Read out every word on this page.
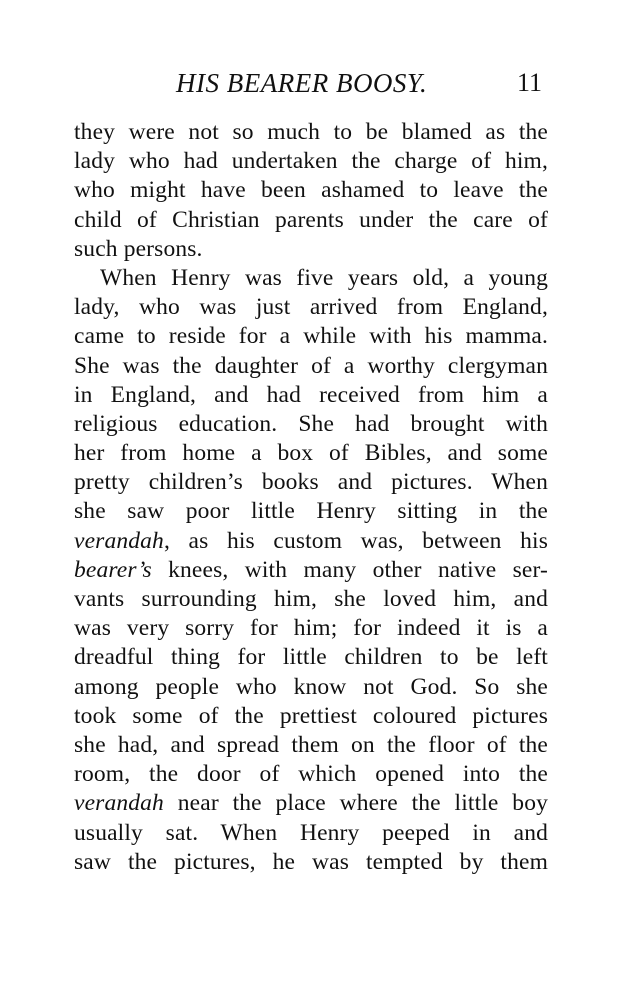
HIS BEARER BOOSY.	11
they were not so much to be blamed as the
lady who had undertaken the charge of him,
who might have been ashamed to leave the
child of Christian parents under the care of
such persons.
When Henry was five years old, a young
lady, who was just arrived from England,
came to reside for a while with his mamma.
She was the daughter of a worthy clergyman
in England, and had received from him a
religious education. She had brought with
her from home a box of Bibles, and some
pretty children’s books and pictures. When
she saw poor little Henry sitting in the
verandah, as his custom was, between his
bearer’s knees, with many other native ser-
vants surrounding him, she loved him, and
was very sorry for him; for indeed it is a
dreadful thing for little children to be left
among people who know not God. So she
took some of the prettiest coloured pictures
she had, and spread them on the floor of the
room, the door of which opened into the
verandah near the place where the little boy
usually sat. When Henry peeped in and
saw the pictures, he was tempted by them
